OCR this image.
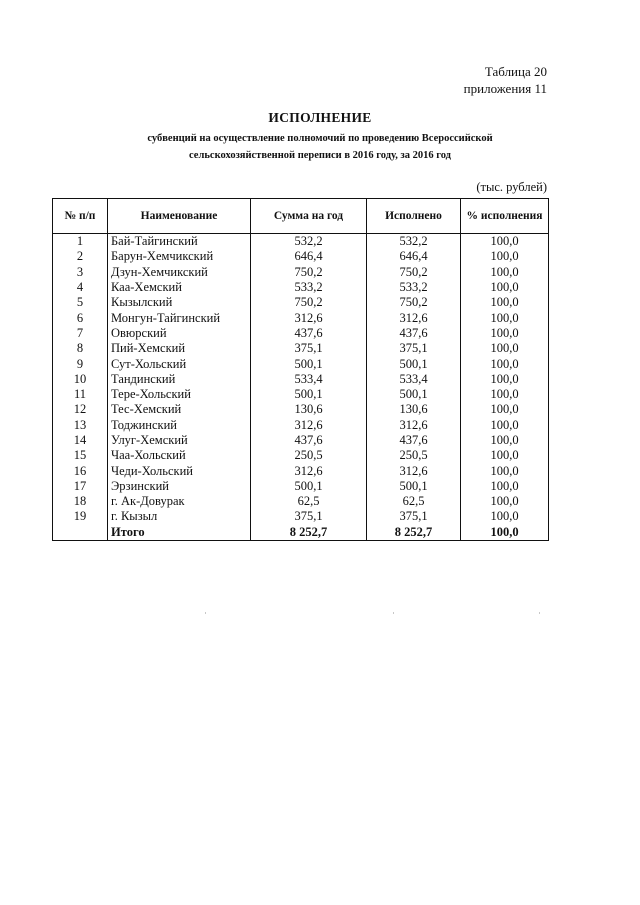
Таблица 20
приложения 11
ИСПОЛНЕНИЕ
субвенций на осуществление полномочий по проведению Всероссийской
сельскохозяйственной переписи в 2016 году, за 2016 год
(тыс. рублей)
№ п/п	Наименование	Сумма на год	Исполнено	% исполнения
1	Бай-Тайгинский	532,2	532,2	100,0
2	Барун-Хемчикский	646,4	646,4	100,0
3	Дзун-Хемчикский	750,2	750,2	100,0
4	Каа-Хемский	533,2	533,2	100,0
5	Кызылский	750,2	750,2	100,0
6	Монгун-Тайгинский	312,6	312,6	100,0
7	Овюрский	437,6	437,6	100,0
8	Пий-Хемский	375,1	375,1	100,0
9	Сут-Хольский	500,1	500,1	100,0
10	Тандинский	533,4	533,4	100,0
11	Тере-Хольский	500,1	500,1	100,0
12	Тес-Хемский	130,6	130,6	100,0
13	Тоджинский	312,6	312,6	100,0
14	Улуг-Хемский	437,6	437,6	100,0
15	Чаа-Хольский	250,5	250,5	100,0
16	Чеди-Хольский	312,6	312,6	100,0
17	Эрзинский	500,1	500,1	100,0
18	г. Ак-Довурак	62,5	62,5	100,0
19	г. Кызыл	375,1	375,1	100,0
	Итого	8 252,7	8 252,7	100,0
